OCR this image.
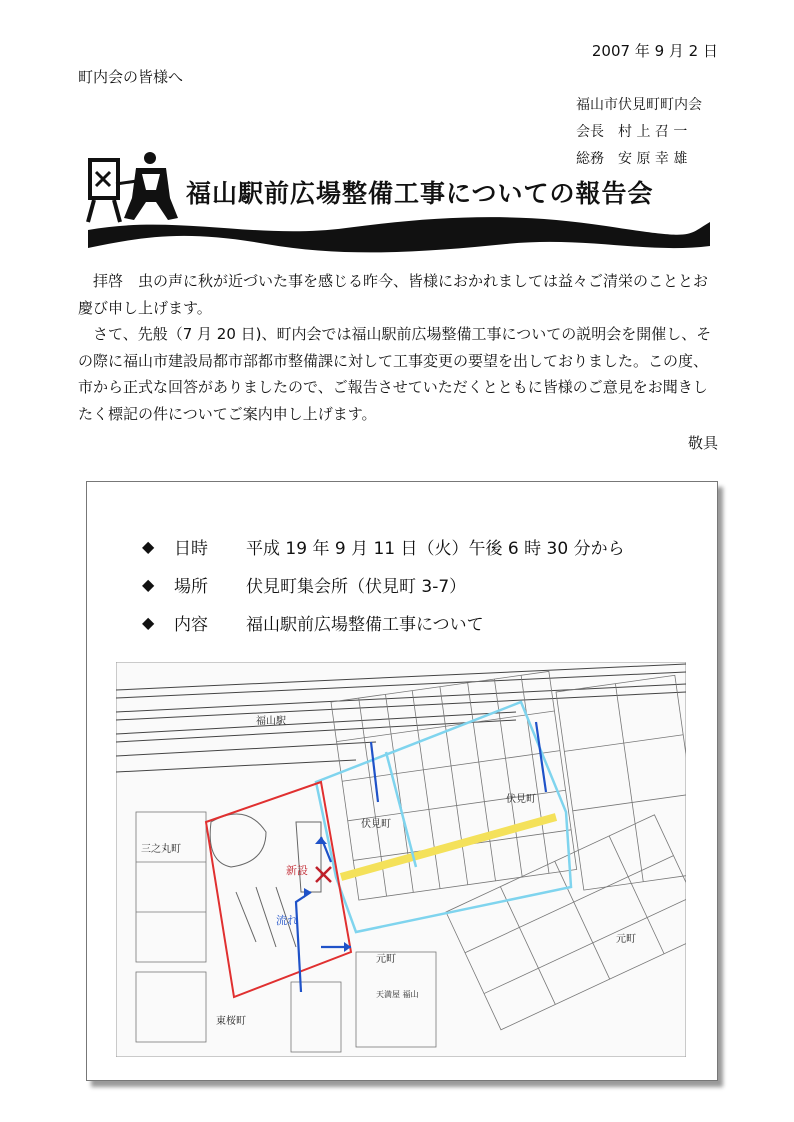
2007 年 9 月 2 日
町内会の皆様へ
福山市伏見町町内会
会長　村 上 召 一
総務　安 原 幸 雄
福山駅前広場整備工事についての報告会

　拝啓　虫の声に秋が近づいた事を感じる昨今、皆様におかれましては益々ご清栄のこととお慶び申し上げます。

　さて、先般（7 月 20 日)、町内会では福山駅前広場整備工事についての説明会を開催し、その際に福山市建設局都市部都市整備課に対して工事変更の要望を出しておりました。この度、市から正式な回答がありましたので、ご報告させていただくとともに皆様のご意見をお聞きしたく標記の件についてご案内申し上げます。

敬具
◆	日時	平成 19 年 9 月 11 日（火）午後 6 時 30 分から
◆	場所	伏見町集会所（伏見町 3-7）
◆	内容	福山駅前広場整備工事について
福山駅
伏見町
伏見町
三之丸町
元町
元町
東桜町
天満屋 福山
新設
流れ
